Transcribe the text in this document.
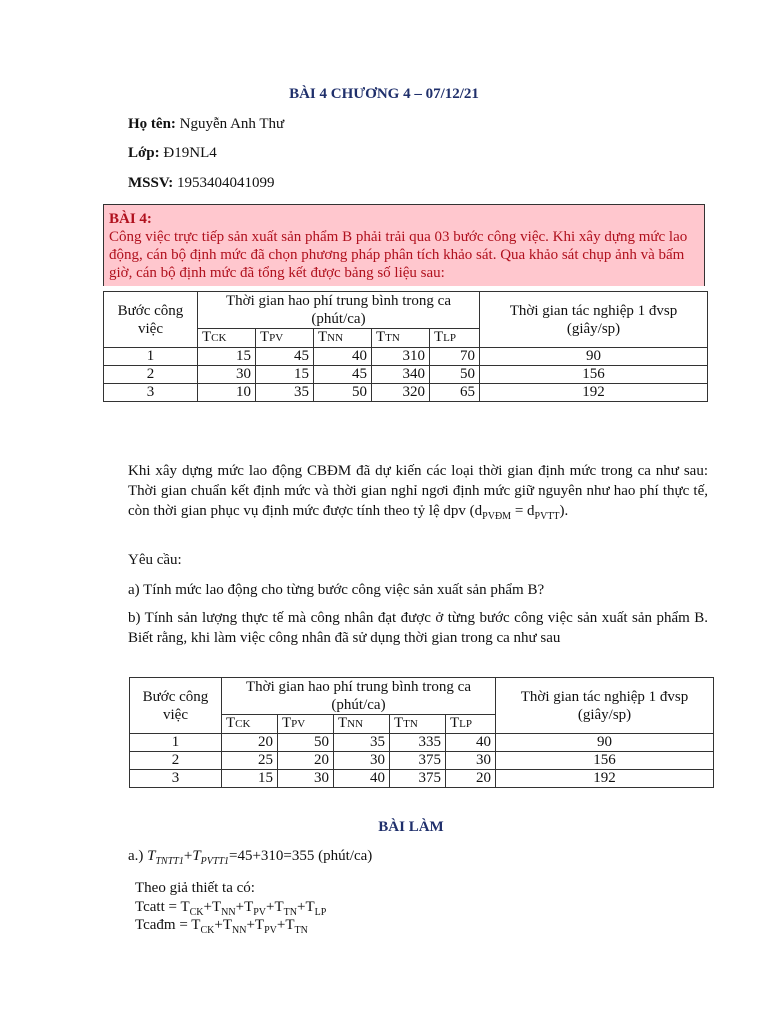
BÀI 4 CHƯƠNG 4 – 07/12/21
Họ tên: Nguyễn Anh Thư
Lớp: Đ19NL4
MSSV: 1953404041099
BÀI 4:
Công việc trực tiếp sản xuất sản phẩm B phải trải qua 03 bước công việc. Khi xây dựng mức lao động, cán bộ định mức đã chọn phương pháp phân tích khảo sát. Qua khảo sát chụp ảnh và bấm giờ, cán bộ định mức đã tổng kết được bảng số liệu sau:
Bước công việc	Thời gian hao phí trung bình trong ca (phút/ca)					Thời gian tác nghiệp 1 đvsp (giây/sp)
	TCK	TPV	TNN	TTN	TLP	
1	15	45	40	310	70	90
2	30	15	45	340	50	156
3	10	35	50	320	65	192
Khi xây dựng mức lao động CBĐM đã dự kiến các loại thời gian định mức trong ca như sau: Thời gian chuẩn kết định mức và thời gian nghỉ ngơi định mức giữ nguyên như hao phí thực tế, còn thời gian phục vụ định mức được tính theo tỷ lệ dpv $(d_{PVĐM} = d_{PVTT})$.
Yêu cầu:
a) Tính mức lao động cho từng bước công việc sản xuất sản phẩm B?
b) Tính sản lượng thực tế mà công nhân đạt được ở từng bước công việc sản xuất sản phẩm B. Biết rằng, khi làm việc công nhân đã sử dụng thời gian trong ca như sau
Bước công việc	Thời gian hao phí trung bình trong ca (phút/ca)					Thời gian tác nghiệp 1 đvsp (giây/sp)
	TCK	TPV	TNN	TTN	TLP	
1	20	50	35	335	40	90
2	25	20	30	375	30	156
3	15	30	40	375	20	192
BÀI LÀM
a.) $T_{TNTT1}+T_{PVTT1}=45+310=355$ (phút/ca)
Theo giả thiết ta có:
Tcatt = $T_{CK}+T_{NN}+T_{PV}+T_{TN}+T_{LP}$
Tcađm = $T_{CK}+T_{NN}+T_{PV}+T_{TN}$
